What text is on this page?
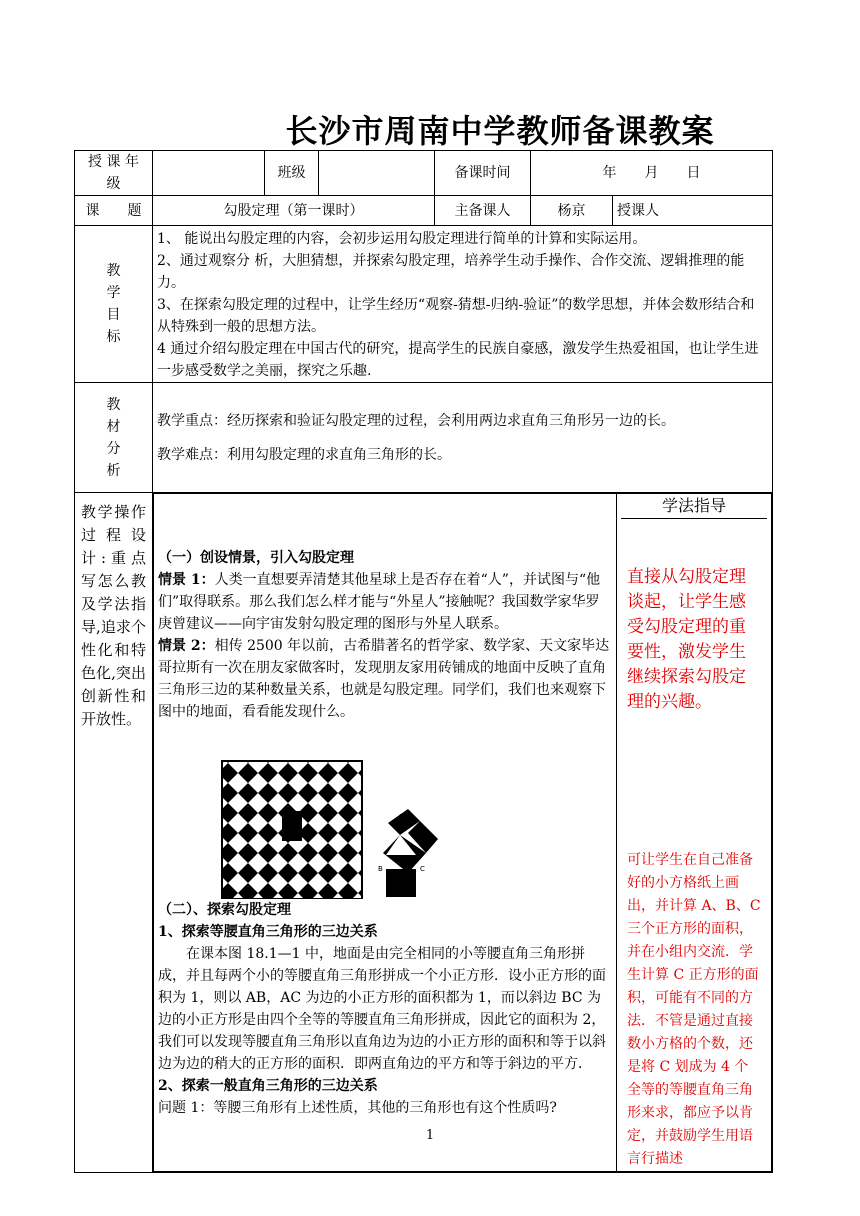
长沙市周南中学教师备课教案
授 课 年 级		班级		备课时间	年　　月　　日
课　　题	勾股定理（第一课时）	主备课人	杨京	授课人
教
学
目
标	

1、 能说出勾股定理的内容，会初步运用勾股定理进行简单的计算和实际运用。

2、通过观察分 析，大胆猜想，并探索勾股定理，培养学生动手操作、合作交流、逻辑推理的能力。

3、在探索勾股定理的过程中，让学生经历“观察-猜想-归纳-验证”的数学思想，并体会数形结合和从特殊到一般的思想方法。

4 通过介绍勾股定理在中国古代的研究，提高学生的民族自豪感，激发学生热爱祖国，也让学生进一步感受数学之美丽，探究之乐趣.

教
材
分
析	

教学重点：经历探索和验证勾股定理的过程，会利用两边求直角三角形另一边的长。

教学难点：利用勾股定理的求直角三角形的长。

教学操作过程设计:重点写怎么教及学法指导,追求个性化和特色化,突出创新性和开放性。

（一）创设情景，引入勾股定理

情景 1：人类一直想要弄清楚其他星球上是否存在着“人”，并试图与“他们”取得联系。那么我们怎么样才能与“外星人”接触呢？我国数学家华罗庚曾建议——向宇宙发射勾股定理的图形与外星人联系。

情景 2：相传 2500 年以前，古希腊著名的哲学家、数学家、天文家毕达哥拉斯有一次在朋友家做客时，发现朋友家用砖铺成的地面中反映了直角三角形三边的某种数量关系，也就是勾股定理。同学们，我们也来观察下图中的地面，看看能发现什么。

A
B	C

（二）、探索勾股定理

1、探索等腰直角三角形的三边关系

在课本图 18.1—1 中，地面是由完全相同的小等腰直角三角形拼成，并且每两个小的等腰直角三角形拼成一个小正方形．设小正方形的面积为 1，则以 AB，AC 为边的小正方形的面积都为 1，而以斜边 BC 为边的小正方形是由四个全等的等腰直角三角形拼成，因此它的面积为 2，我们可以发现等腰直角三角形以直角边为边的小正方形的面积和等于以斜边为边的稍大的正方形的面积．即两直角边的平方和等于斜边的平方．

2、探索一般直角三角形的三边关系

问题 1：等腰三角形有上述性质，其他的三角形也有这个性质吗?

学法指导
直接从勾股定理谈起，让学生感受勾股定理的重要性，激发学生继续探索勾股定理的兴趣。
可让学生在自己准备好的小方格纸上画出，并计算 A、B、C 三个正方形的面积，并在小组内交流．学生计算 C 正方形的面积，可能有不同的方法．不管是通过直接数小方格的个数，还是将 C 划成为 4 个全等的等腰直角三角形来求，都应予以肯定，并鼓励学生用语言行描述
1
